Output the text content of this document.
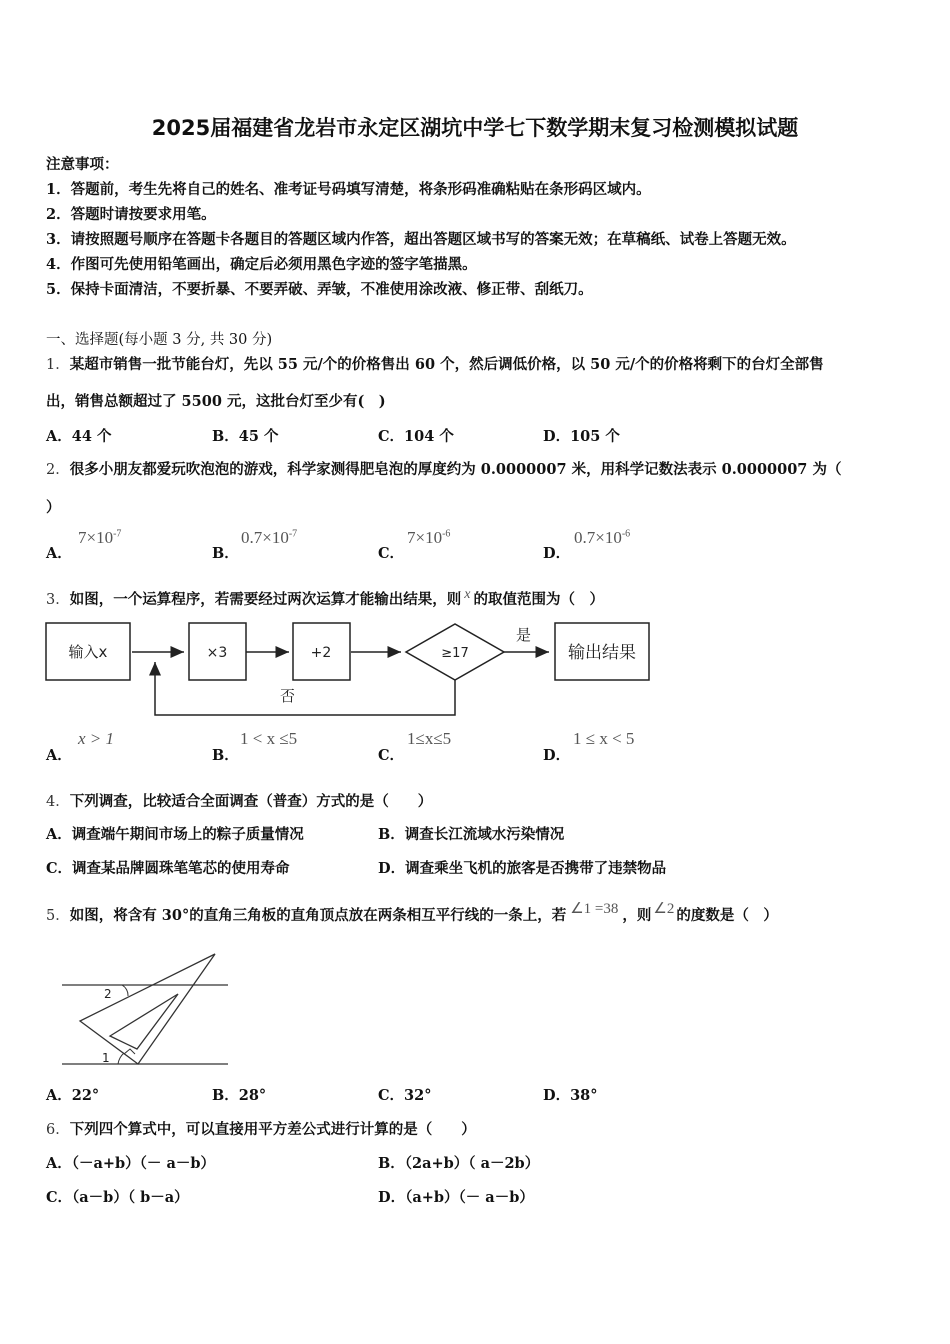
2025届福建省龙岩市永定区湖坑中学七下数学期末复习检测模拟试题
注意事项：
1．答题前，考生先将自己的姓名、准考证号码填写清楚，将条形码准确粘贴在条形码区域内。
2．答题时请按要求用笔。
3．请按照题号顺序在答题卡各题目的答题区域内作答，超出答题区域书写的答案无效；在草稿纸、试卷上答题无效。
4．作图可先使用铅笔画出，确定后必须用黑色字迹的签字笔描黑。
5．保持卡面清洁，不要折暴、不要弄破、弄皱，不准使用涂改液、修正带、刮纸刀。
一、选择题(每小题 3 分, 共 30 分)
1．某超市销售一批节能台灯，先以 55 元/个的价格售出 60 个，然后调低价格，以 50 元/个的价格将剩下的台灯全部售
出，销售总额超过了 5500 元，这批台灯至少有(　)
A．44 个	B．45 个	C．104 个	D．105 个
2．很多小朋友都爱玩吹泡泡的游戏，科学家测得肥皂泡的厚度约为 0.0000007 米，用科学记数法表示 0.0000007 为（
）
A．
$7\times 10^{-7}$
B．
$0.7\times 10^{-7}$
C．
$7\times 10^{-6}$
D．
$0.7\times 10^{-6}$
3．如图，一个运算程序，若需要经过两次运算才能输出结果，则 x 的取值范围为（　）
输入x	×3	+2	≥17
是
输出结果
否
A．
x > 1
B．
1 < x ≤5
C．
1≤x≤5
D．
1 ≤ x < 5
4．下列调查，比较适合全面调查（普查）方式的是（　　）
A．调查端午期间市场上的粽子质量情况	B．调查长江流域水污染情况
C．调查某品牌圆珠笔笔芯的使用寿命	D．调查乘坐飞机的旅客是否携带了违禁物品
5．如图，将含有 30°的直角三角板的直角顶点放在两条相互平行线的一条上，若 ∠1 =38 ，则 ∠2 的度数是（　）
1
2
A．22°	B．28°	C．32°	D．38°
6．下列四个算式中，可以直接用平方差公式进行计算的是（　　）
A．（－a+b）（－ a－b）	B．（2a+b）（ a－2b）
C．（a－b）（ b－a）	D．（a+b）（－ a－b）
